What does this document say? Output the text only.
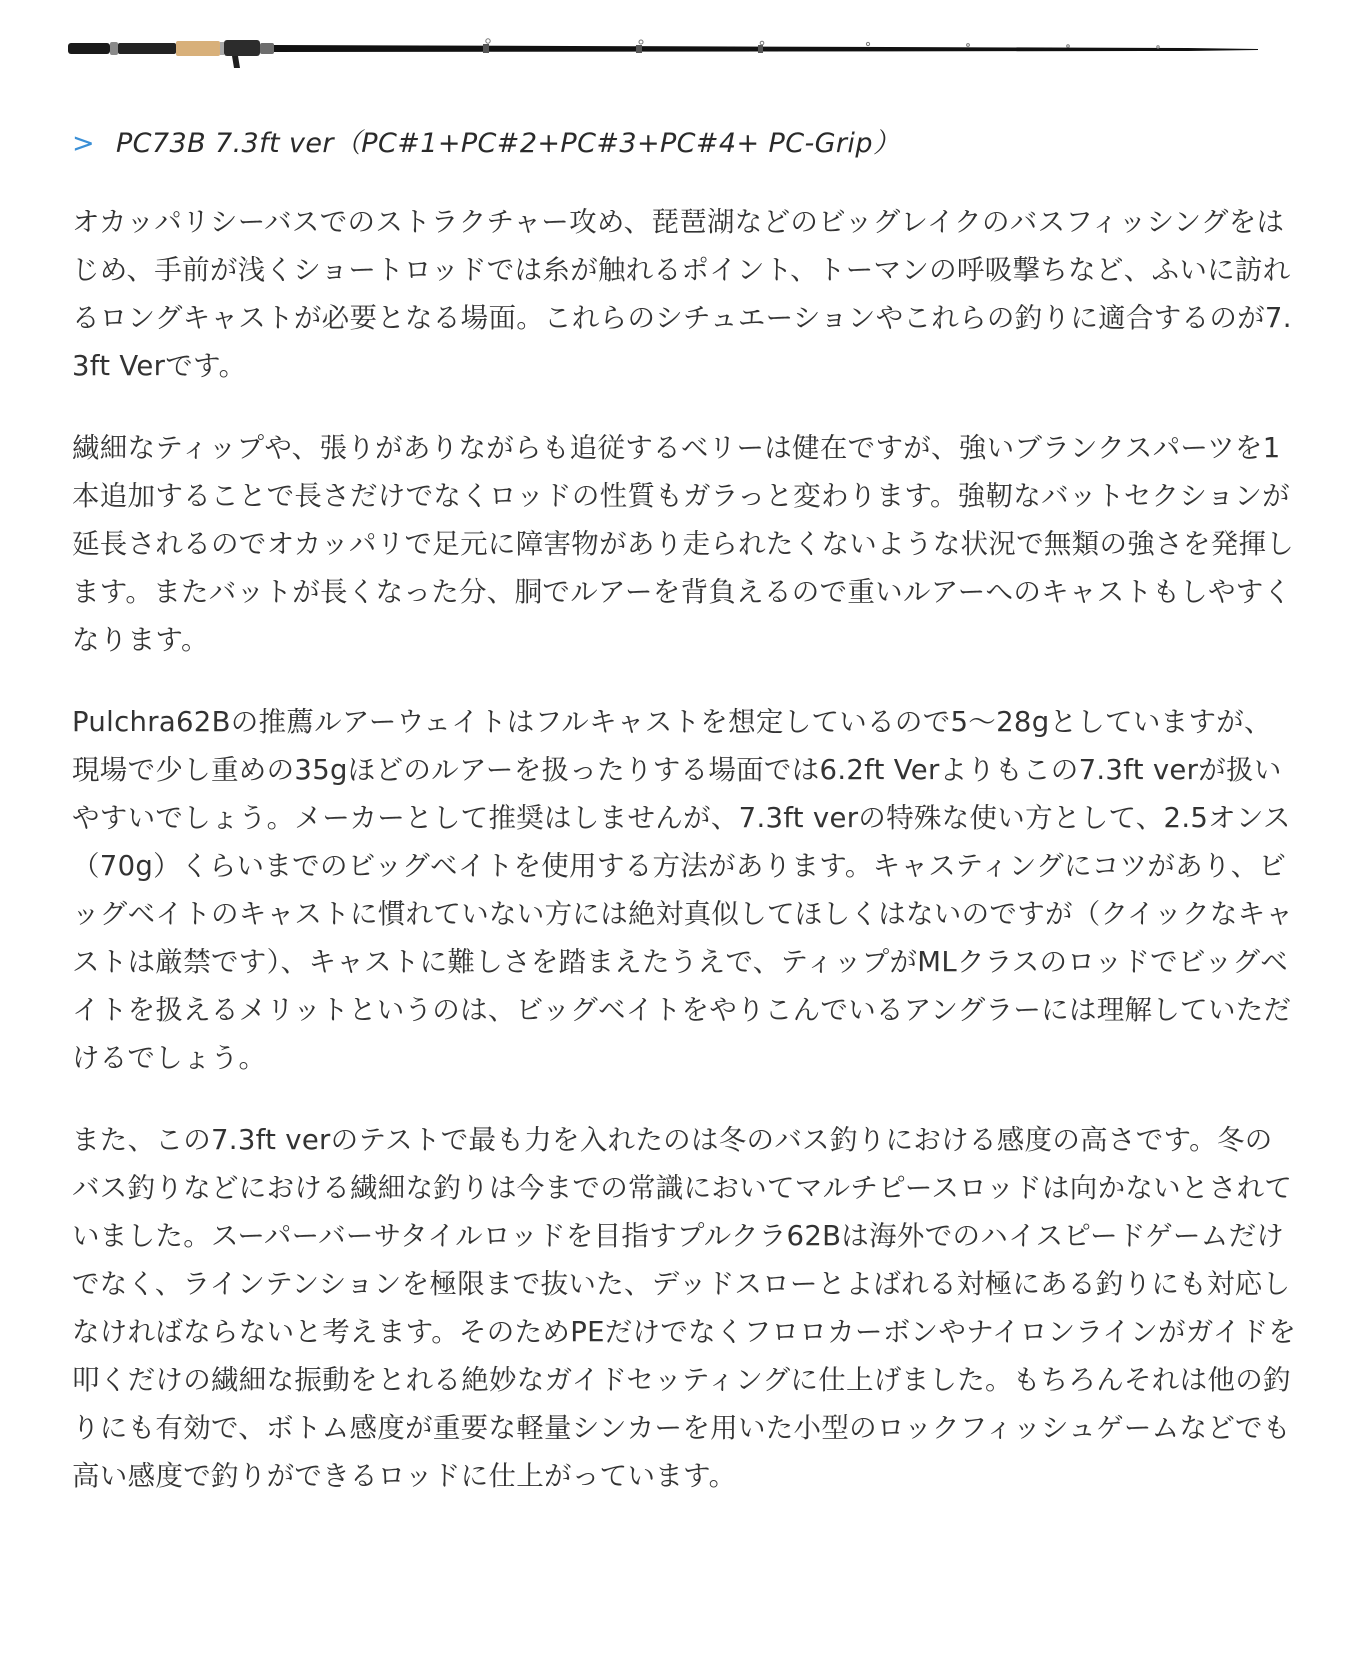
> PC73B 7.3ft ver（PC#1+PC#2+PC#3+PC#4+ PC-Grip）

オカッパリシーバスでのストラクチャー攻め、琵琶湖などのビッグレイクのバスフィッシングをはじめ、手前が浅くショートロッドでは糸が触れるポイント、トーマンの呼吸撃ちなど、ふいに訪れるロングキャストが必要となる場面。これらのシチュエーションやこれらの釣りに適合するのが7.3ft Verです。

繊細なティップや、張りがありながらも追従するベリーは健在ですが、強いブランクスパーツを1本追加することで長さだけでなくロッドの性質もガラっと変わります。強靭なバットセクションが延長されるのでオカッパリで足元に障害物があり走られたくないような状況で無類の強さを発揮します。またバットが長くなった分、胴でルアーを背負えるので重いルアーへのキャストもしやすくなります。

Pulchra62Bの推薦ルアーウェイトはフルキャストを想定しているので5〜28gとしていますが、現場で少し重めの35gほどのルアーを扱ったりする場面では6.2ft Verよりもこの7.3ft verが扱いやすいでしょう。メーカーとして推奨はしませんが、7.3ft verの特殊な使い方として、2.5オンス（70g）くらいまでのビッグベイトを使用する方法があります。キャスティングにコツがあり、ビッグベイトのキャストに慣れていない方には絶対真似してほしくはないのですが（クイックなキャストは厳禁です）、キャストに難しさを踏まえたうえで、ティップがMLクラスのロッドでビッグベイトを扱えるメリットというのは、ビッグベイトをやりこんでいるアングラーには理解していただけるでしょう。

また、この7.3ft verのテストで最も力を入れたのは冬のバス釣りにおける感度の高さです。冬のバス釣りなどにおける繊細な釣りは今までの常識においてマルチピースロッドは向かないとされていました。スーパーバーサタイルロッドを目指すプルクラ62Bは海外でのハイスピードゲームだけでなく、ラインテンションを極限まで抜いた、デッドスローとよばれる対極にある釣りにも対応しなければならないと考えます。そのためPEだけでなくフロロカーボンやナイロンラインがガイドを叩くだけの繊細な振動をとれる絶妙なガイドセッティングに仕上げました。もちろんそれは他の釣りにも有効で、ボトム感度が重要な軽量シンカーを用いた小型のロックフィッシュゲームなどでも高い感度で釣りができるロッドに仕上がっています。
